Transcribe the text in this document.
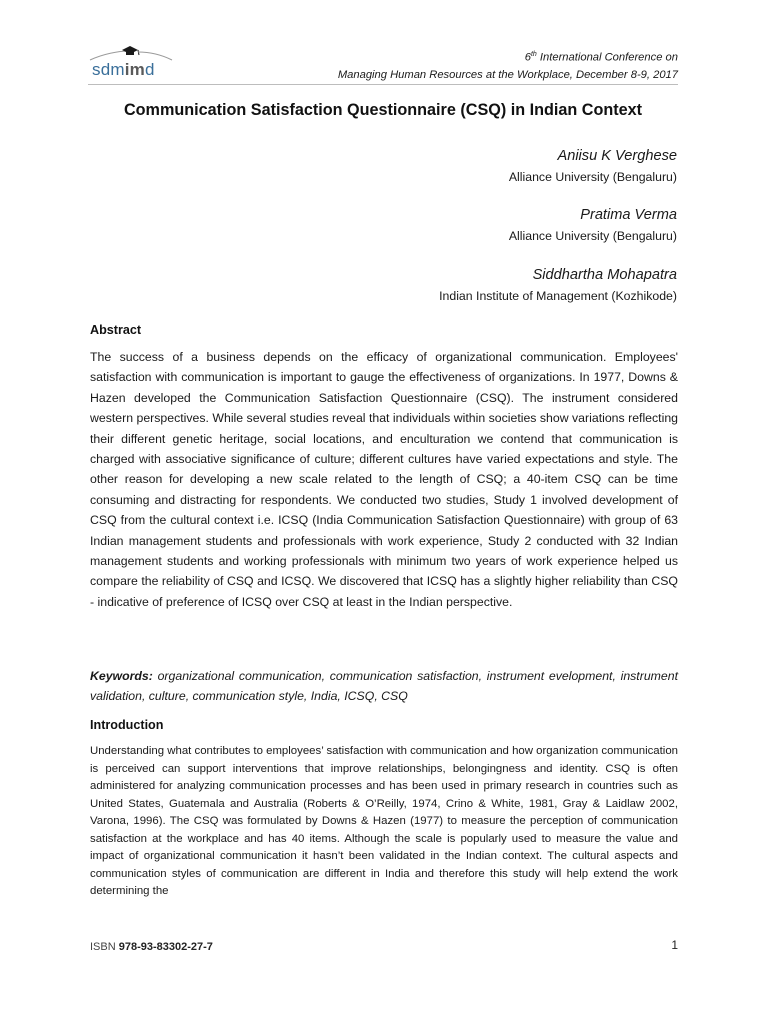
sdmimd
6th International Conference on
Managing Human Resources at the Workplace, December 8-9, 2017
Communication Satisfaction Questionnaire (CSQ) in Indian Context
Aniisu K Verghese
Alliance University (Bengaluru)
Pratima Verma
Alliance University (Bengaluru)
Siddhartha Mohapatra
Indian Institute of Management (Kozhikode)
Abstract
The success of a business depends on the efficacy of organizational communication. Employees' satisfaction with communication is important to gauge the effectiveness of organizations. In 1977, Downs & Hazen developed the Communication Satisfaction Questionnaire (CSQ). The instrument considered western perspectives. While several studies reveal that individuals within societies show variations reflecting their different genetic heritage, social locations, and enculturation we contend that communication is charged with associative significance of culture; different cultures have varied expectations and style. The other reason for developing a new scale related to the length of CSQ; a 40-item CSQ can be time consuming and distracting for respondents. We conducted two studies, Study 1 involved development of CSQ from the cultural context i.e. ICSQ (India Communication Satisfaction Questionnaire) with group of 63 Indian management students and professionals with work experience, Study 2 conducted with 32 Indian management students and working professionals with minimum two years of work experience helped us compare the reliability of CSQ and ICSQ. We discovered that ICSQ has a slightly higher reliability than CSQ - indicative of preference of ICSQ over CSQ at least in the Indian perspective.
Keywords: organizational communication, communication satisfaction, instrument evelopment, instrument validation, culture, communication style, India, ICSQ, CSQ
Introduction
Understanding what contributes to employees’ satisfaction with communication and how organization communication is perceived can support interventions that improve relationships, belongingness and identity. CSQ is often administered for analyzing communication processes and has been used in primary research in countries such as United States, Guatemala and Australia (Roberts & O’Reilly, 1974, Crino & White, 1981, Gray & Laidlaw 2002, Varona, 1996). The CSQ was formulated by Downs & Hazen (1977) to measure the perception of communication satisfaction at the workplace and has 40 items. Although the scale is popularly used to measure the value and impact of organizational communication it hasn’t been validated in the Indian context. The cultural aspects and communication styles of communication are different in India and therefore this study will help extend the work determining the
ISBN 978-93-83302-27-7	1
